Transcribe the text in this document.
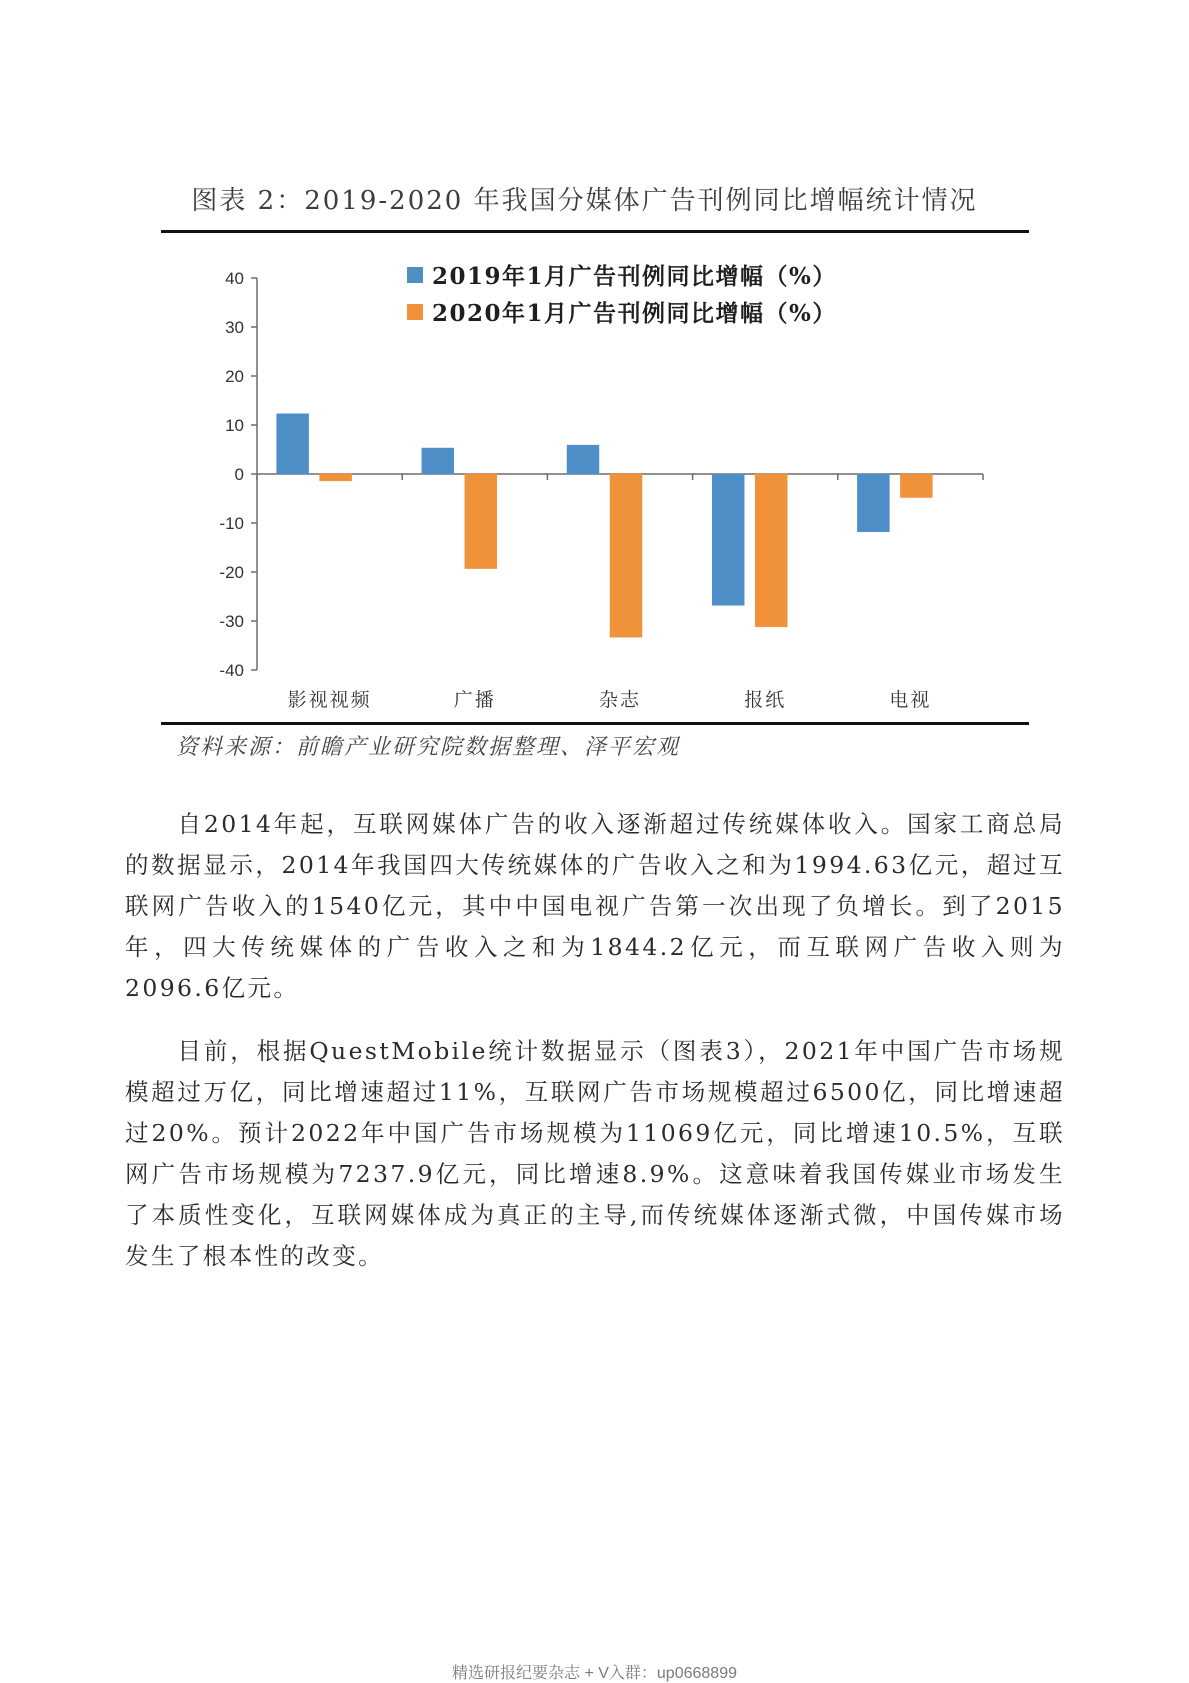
图表 2：2019-2020 年我国分媒体广告刊例同比增幅统计情况
40
30
20
10
0
-10
-20
-30
-40
影视视频	广播	杂志	报纸	电视
2019年1月广告刊例同比增幅（%）
2020年1月广告刊例同比增幅（%）
资料来源：前瞻产业研究院数据整理、泽平宏观
自2014年起，互联网媒体广告的收入逐渐超过传统媒体收入。国家工商总局的数据显示，2014年我国四大传统媒体的广告收入之和为1994.63亿元，超过互联网广告收入的1540亿元，其中中国电视广告第一次出现了负增长。到了2015年，四大传统媒体的广告收入之和为1844.2亿元，而互联网广告收入则为2096.6亿元。
目前，根据QuestMobile统计数据显示（图表3），2021年中国广告市场规模超过万亿，同比增速超过11%，互联网广告市场规模超过6500亿，同比增速超过20%。预计2022年中国广告市场规模为11069亿元，同比增速10.5%，互联网广告市场规模为7237.9亿元，同比增速8.9%。这意味着我国传媒业市场发生了本质性变化，互联网媒体成为真正的主导,而传统媒体逐渐式微，中国传媒市场发生了根本性的改变。
精选研报纪要杂志 + V入群：up0668899
